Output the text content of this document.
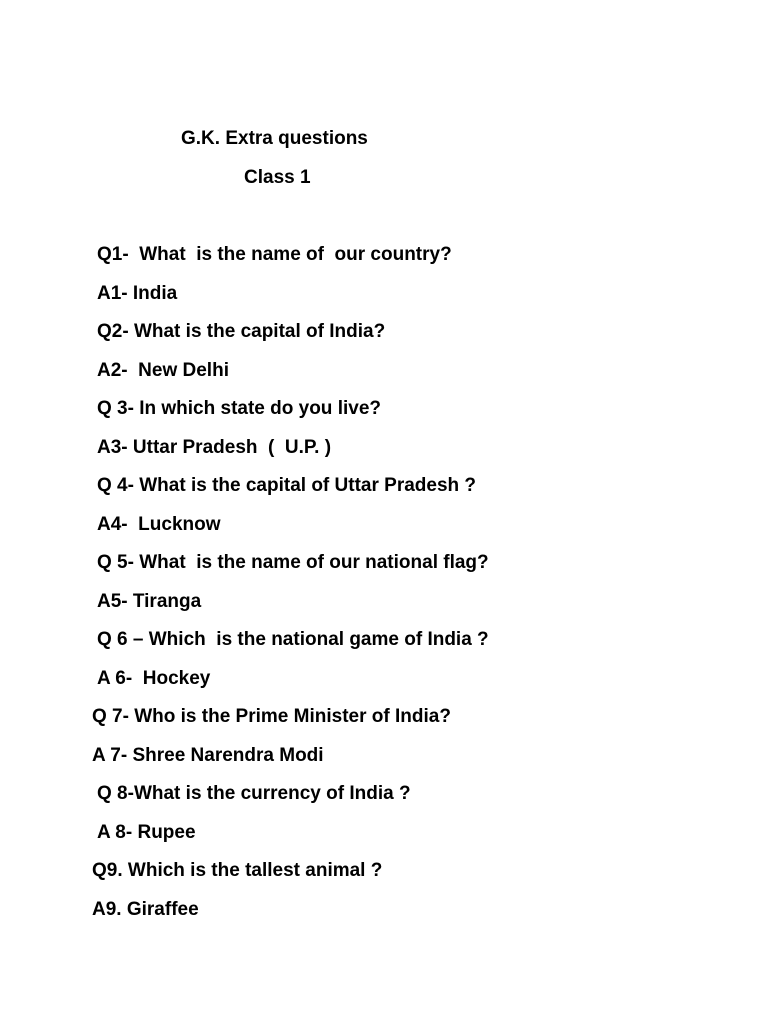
G.K. Extra questions

Class 1

Q1-  What  is the name of  our country?

A1- India

Q2- What is the capital of India?

A2-  New Delhi

Q 3- In which state do you live?

A3- Uttar Pradesh  (  U.P. )

Q 4- What is the capital of Uttar Pradesh ?

A4-  Lucknow

Q 5- What  is the name of our national flag?

A5- Tiranga

Q 6 – Which  is the national game of India ?

A 6-  Hockey

Q 7- Who is the Prime Minister of India?

A 7- Shree Narendra Modi

Q 8-What is the currency of India ?

A 8- Rupee

Q9. Which is the tallest animal ?

A9. Giraffee
